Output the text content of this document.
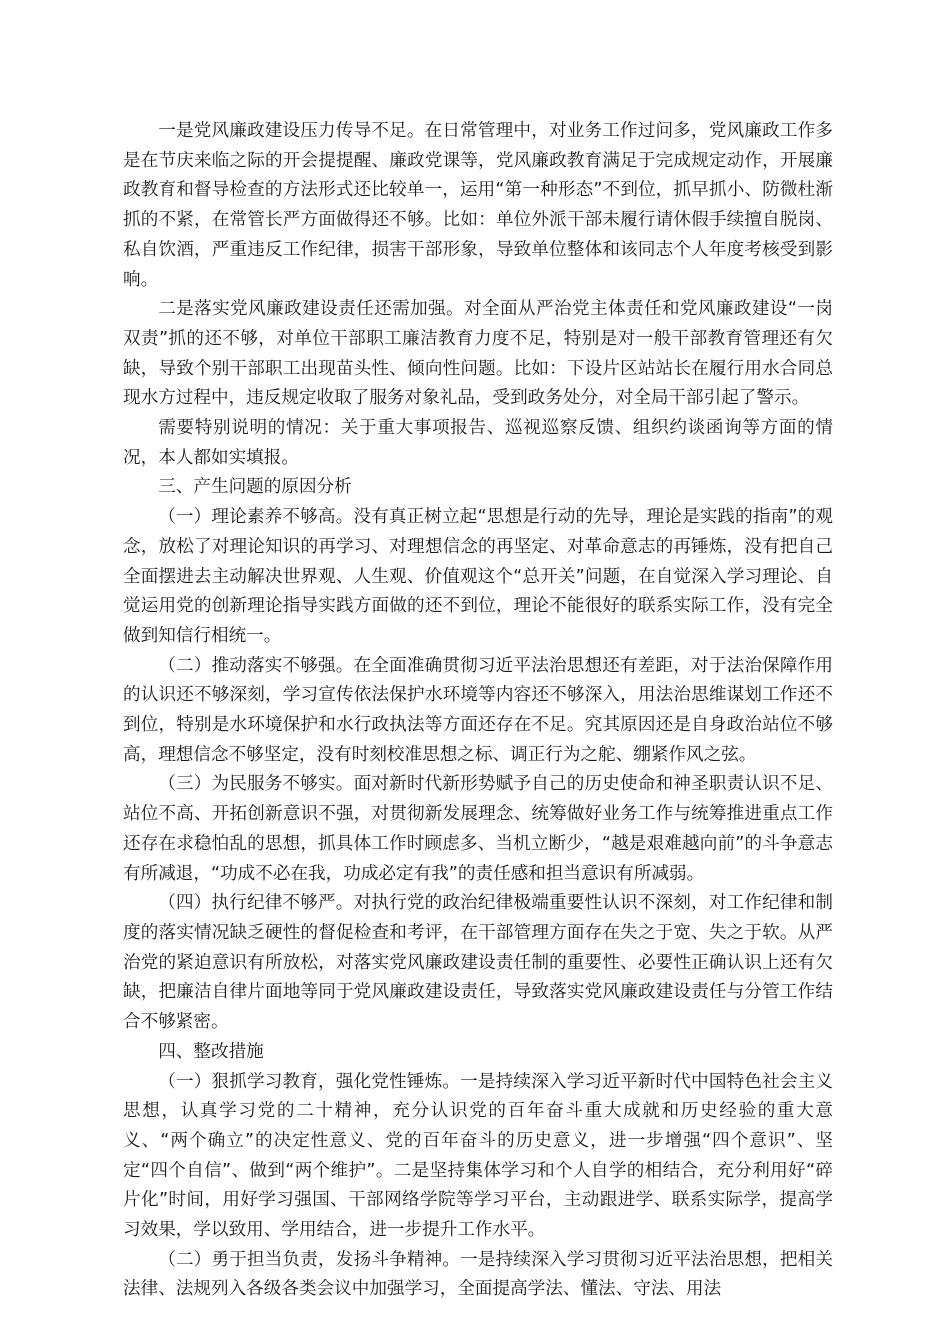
一是党风廉政建设压力传导不足。在日常管理中，对业务工作过问多，党风廉政工作多是在节庆来临之际的开会提提醒、廉政党课等，党风廉政教育满足于完成规定动作，开展廉政教育和督导检查的方法形式还比较单一，运用“第一种形态”不到位，抓早抓小、防微杜渐抓的不紧，在常管长严方面做得还不够。比如：单位外派干部未履行请休假手续擅自脱岗、私自饮酒，严重违反工作纪律，损害干部形象，导致单位整体和该同志个人年度考核受到影响。

二是落实党风廉政建设责任还需加强。对全面从严治党主体责任和党风廉政建设“一岗双责”抓的还不够，对单位干部职工廉洁教育力度不足，特别是对一般干部教育管理还有欠缺，导致个别干部职工出现苗头性、倾向性问题。比如：下设片区站站长在履行用水合同总现水方过程中，违反规定收取了服务对象礼品，受到政务处分，对全局干部引起了警示。

需要特别说明的情况：关于重大事项报告、巡视巡察反馈、组织约谈函询等方面的情况，本人都如实填报。

三、产生问题的原因分析

（一）理论素养不够高。没有真正树立起“思想是行动的先导，理论是实践的指南”的观念，放松了对理论知识的再学习、对理想信念的再坚定、对革命意志的再锤炼，没有把自己全面摆进去主动解决世界观、人生观、价值观这个“总开关”问题，在自觉深入学习理论、自觉运用党的创新理论指导实践方面做的还不到位，理论不能很好的联系实际工作，没有完全做到知信行相统一。

（二）推动落实不够强。在全面准确贯彻习近平法治思想还有差距，对于法治保障作用的认识还不够深刻，学习宣传依法保护水环境等内容还不够深入，用法治思维谋划工作还不到位，特别是水环境保护和水行政执法等方面还存在不足。究其原因还是自身政治站位不够高，理想信念不够坚定，没有时刻校准思想之标、调正行为之舵、绷紧作风之弦。

（三）为民服务不够实。面对新时代新形势赋予自己的历史使命和神圣职责认识不足、站位不高、开拓创新意识不强，对贯彻新发展理念、统筹做好业务工作与统筹推进重点工作还存在求稳怕乱的思想，抓具体工作时顾虑多、当机立断少，“越是艰难越向前”的斗争意志有所减退，“功成不必在我，功成必定有我”的责任感和担当意识有所减弱。

（四）执行纪律不够严。对执行党的政治纪律极端重要性认识不深刻，对工作纪律和制度的落实情况缺乏硬性的督促检查和考评，在干部管理方面存在失之于宽、失之于软。从严治党的紧迫意识有所放松，对落实党风廉政建设责任制的重要性、必要性正确认识上还有欠缺，把廉洁自律片面地等同于党风廉政建设责任，导致落实党风廉政建设责任与分管工作结合不够紧密。

四、整改措施

（一）狠抓学习教育，强化党性锤炼。一是持续深入学习近平新时代中国特色社会主义思想，认真学习党的二十精神，充分认识党的百年奋斗重大成就和历史经验的重大意义、“两个确立”的决定性意义、党的百年奋斗的历史意义，进一步增强“四个意识”、坚定“四个自信”、做到“两个维护”。二是坚持集体学习和个人自学的相结合，充分利用好“碎片化”时间，用好学习强国、干部网络学院等学习平台，主动跟进学、联系实际学，提高学习效果，学以致用、学用结合，进一步提升工作水平。

（二）勇于担当负责，发扬斗争精神。一是持续深入学习贯彻习近平法治思想，把相关法律、法规列入各级各类会议中加强学习，全面提高学法、懂法、守法、用法
